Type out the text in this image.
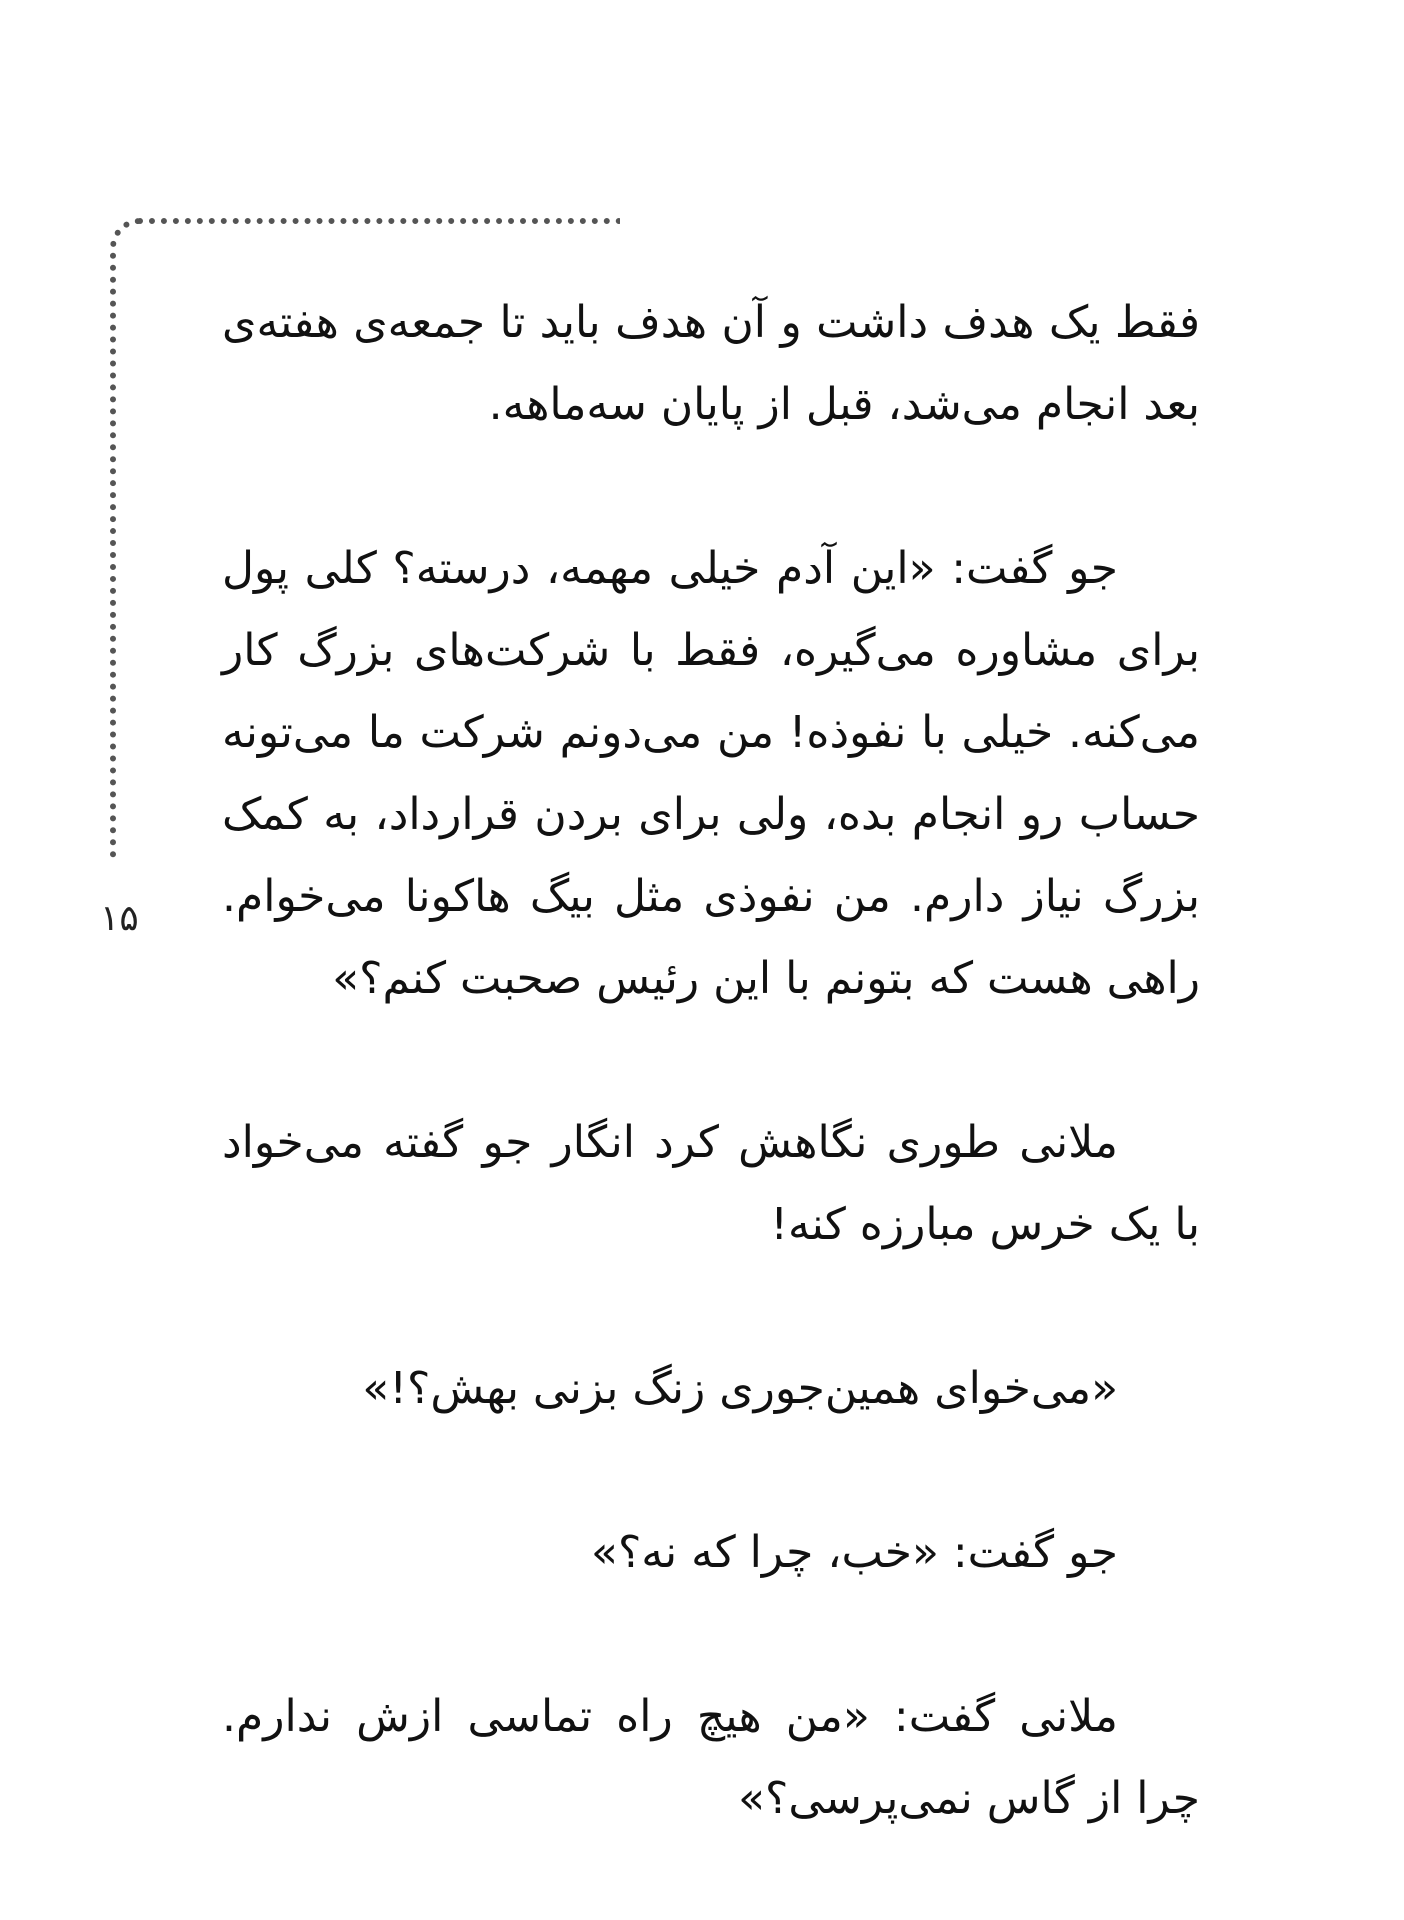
۱۵

فقط یک هدف داشت و آن هدف باید تا جمعه‌ی هفته‌ی بعد انجام می‌شد، قبل از پایان سه‌ماهه.

جو گفت: «این آدم خیلی مهمه، درسته؟ کلی پول برای مشاوره می‌گیره، فقط با شرکت‌های بزرگ کار می‌کنه. خیلی با نفوذه! من می‌دونم شرکت ما می‌تونه حساب رو انجام بده، ولی برای بردن قرارداد، به کمک بزرگ نیاز دارم. من نفوذی مثل بیگ هاکونا می‌خوام. راهی هست که بتونم با این رئیس صحبت کنم؟»

ملانی طوری نگاهش کرد انگار جو گفته می‌خواد با یک خرس مبارزه کنه!

«می‌خوای همین‌جوری زنگ بزنی بهش؟!»

جو گفت: «خب، چرا که نه؟»

ملانی گفت: «من هیچ راه تماسی ازش ندارم. چرا از گاس نمی‌پرسی؟»
